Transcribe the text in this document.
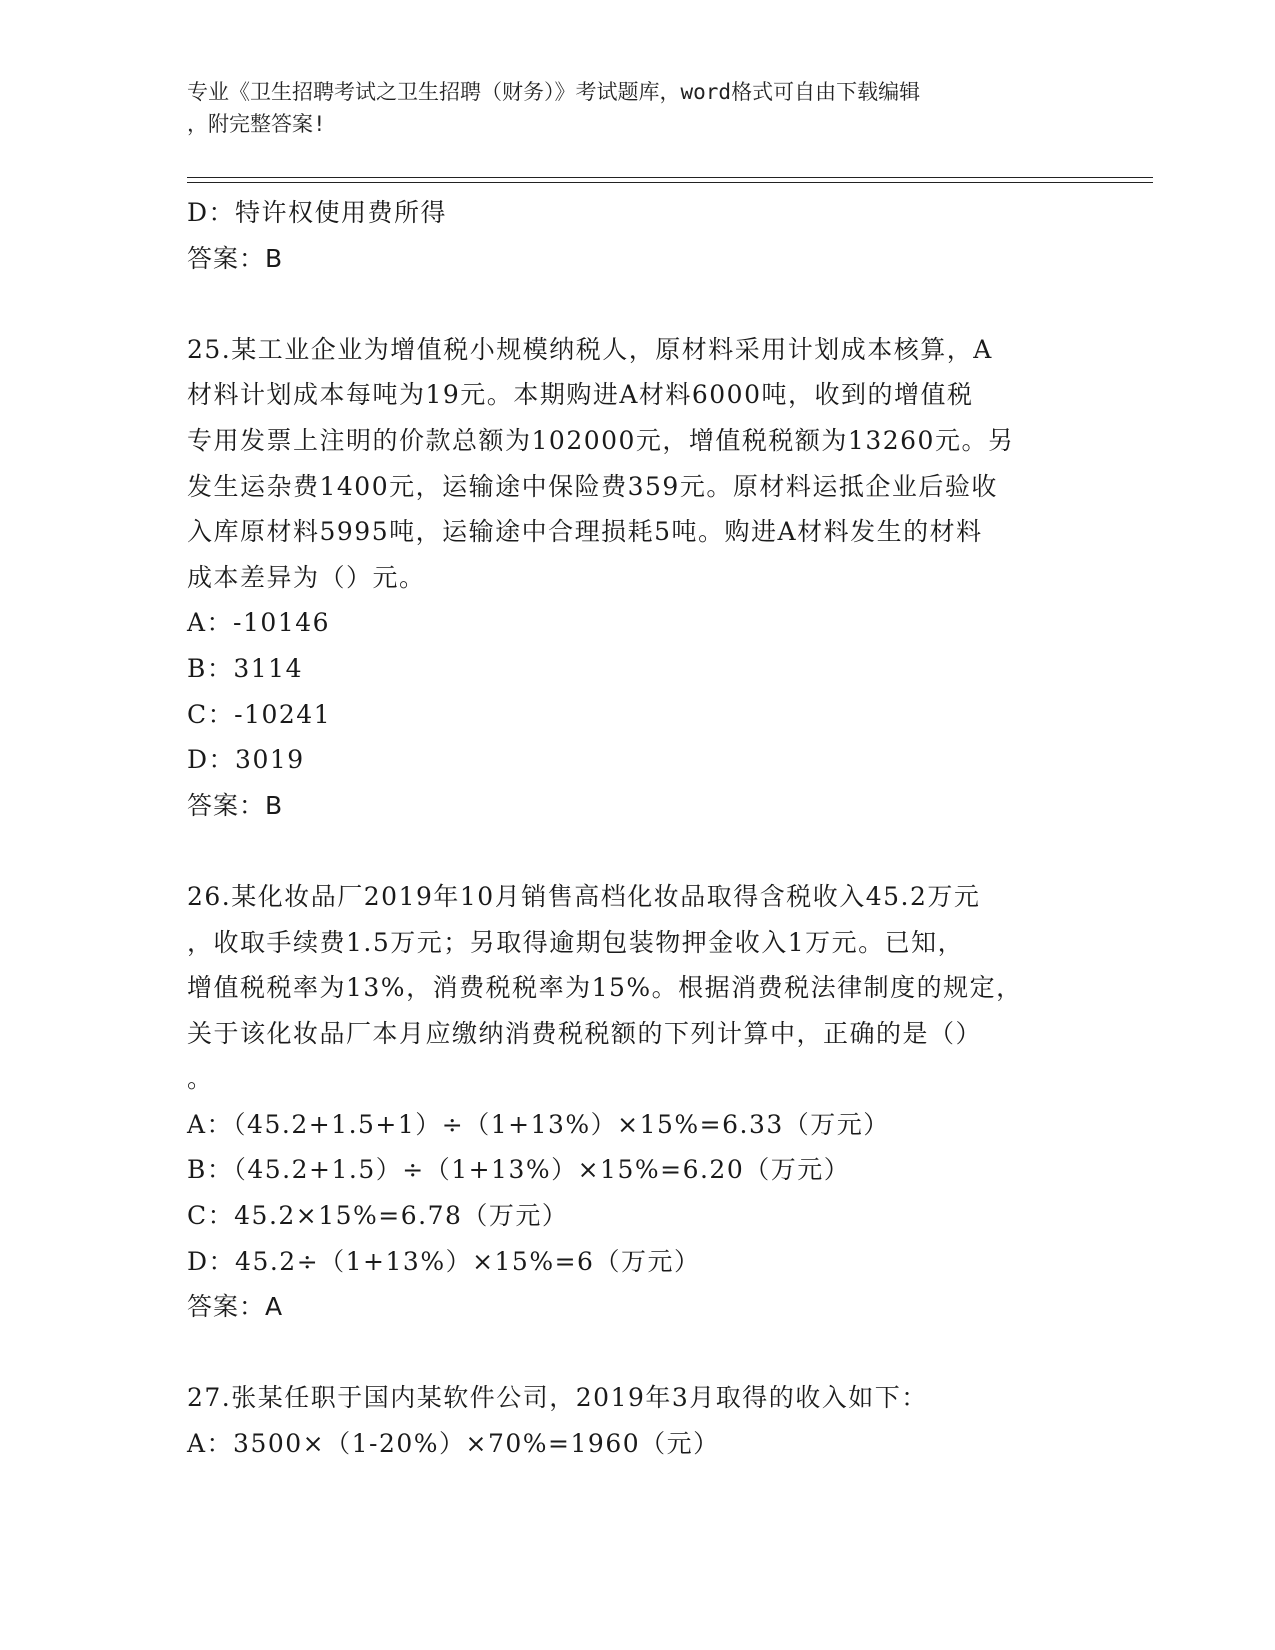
专业《卫生招聘考试之卫生招聘（财务）》考试题库，word格式可自由下载编辑
，附完整答案!
D：特许权使用费所得
答案：B
25.某工业企业为增值税小规模纳税人，原材料采用计划成本核算，A
材料计划成本每吨为19元。本期购进A材料6000吨，收到的增值税
专用发票上注明的价款总额为102000元，增值税税额为13260元。另
发生运杂费1400元，运输途中保险费359元。原材料运抵企业后验收
入库原材料5995吨，运输途中合理损耗5吨。购进A材料发生的材料
成本差异为（）元。
A：-10146
B：3114
C：-10241
D：3019
答案：B
26.某化妆品厂2019年10月销售高档化妆品取得含税收入45.2万元
，收取手续费1.5万元；另取得逾期包装物押金收入1万元。已知，
增值税税率为13%，消费税税率为15%。根据消费税法律制度的规定，
关于该化妆品厂本月应缴纳消费税税额的下列计算中，正确的是（）
。
A：（45.2+1.5+1）÷（1+13%）×15%=6.33（万元）
B：（45.2+1.5）÷（1+13%）×15%=6.20（万元）
C：45.2×15%=6.78（万元）
D：45.2÷（1+13%）×15%=6（万元）
答案：A
27.张某任职于国内某软件公司，2019年3月取得的收入如下：
A：3500×（1-20%）×70%=1960（元）
